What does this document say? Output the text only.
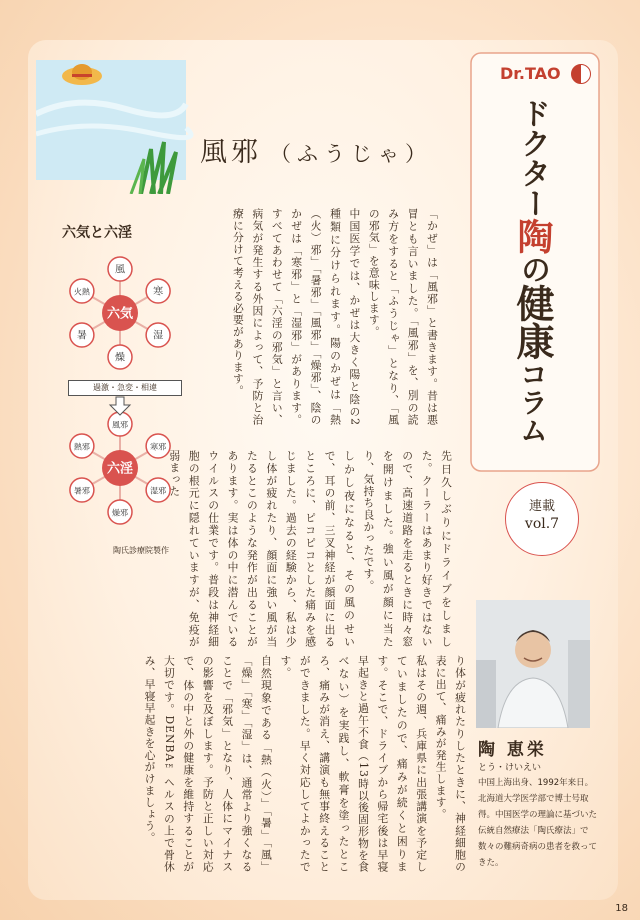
風邪 （ふうじゃ）
Dr.TAO
ドクター陶の健康コラム
連載
vol.7
陶 恵栄
とう・けいえい
中国上海出身、1992年来日。北海道大学医学部で博士号取得。中国医学の理論に基づいた伝統自然療法「陶氏療法」で数々の難病奇病の患者を救ってきた。
六気と六淫
風
寒
湿
燥
暑
火熱
六気
風邪
寒邪
湿邪
燥邪
暑邪
熱邪
六淫
過激・急変・相違
陶氏診療院製作
「かぜ」は「風邪」と書きます。昔は悪冒とも言いました。「風邪」を、別の読み方をすると「ふうじゃ」となり、「風の邪気」を意味します。
中国医学では、かぜは大きく陽と陰の2種類に分けられます。陽のかぜは「熱（火）邪」「暑邪」「風邪」「燥邪」、陰のかぜは「寒邪」と「湿邪」があります。すべてあわせて「六淫の邪気」と言い、病気が発生する外因によって、予防と治療に分けて考える必要があります。
先日久しぶりにドライブをしました。クーラーはあまり好きではないので、高速道路を走るときに時々窓を開けました。強い風が顔に当たり、気持ち良かったです。
しかし夜になると、その風のせいで、耳の前、三叉神経が顔面に出るところに、ピコピコとした痛みを感じました。過去の経験から、私は少し体が疲れたり、顔面に強い風が当たるとこのような発作が出ることがあります。実は体の中に潜んでいるウイルスの仕業です。普段は神経細胞の根元に隠れていますが、免疫が弱まった
り体が疲れたりしたときに、神経細胞の表に出て、痛みが発生します。
私はその週、兵庫県に出張講演を予定していましたので、痛みが続くと困ります。そこで、ドライブから帰宅後は早寝早起きと過午不食（13時以後固形物を食べない）を実践し、軟膏を塗ったところ、痛みが消え、講演も無事終えることができました。早く対応してよかったです。
自然現象である「熱（火）」「暑」「風」「燥」「寒」「湿」は、通常より強くなることで「邪気」となり、人体にマイナスの影響を及ぼします。予防と正しい対応で、体の中と外の健康を維持することが大切です。DENBA™ヘルスの上で骨休み、早寝早起きを心がけましょう。
18
